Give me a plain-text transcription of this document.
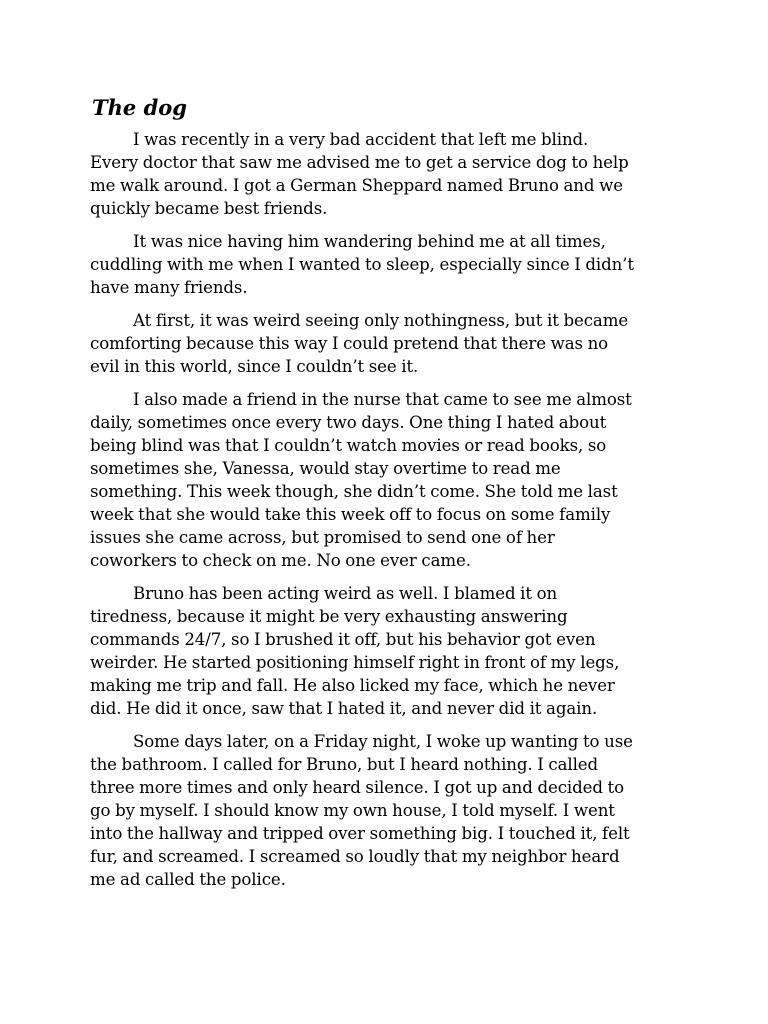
The dog

I was recently in a very bad accident that left me blind.
Every doctor that saw me advised me to get a service dog to help
me walk around. I got a German Sheppard named Bruno and we
quickly became best friends.

It was nice having him wandering behind me at all times,
cuddling with me when I wanted to sleep, especially since I didn’t
have many friends.

At first, it was weird seeing only nothingness, but it became
comforting because this way I could pretend that there was no
evil in this world, since I couldn’t see it.

I also made a friend in the nurse that came to see me almost
daily, sometimes once every two days. One thing I hated about
being blind was that I couldn’t watch movies or read books, so
sometimes she, Vanessa, would stay overtime to read me
something. This week though, she didn’t come. She told me last
week that she would take this week off to focus on some family
issues she came across, but promised to send one of her
coworkers to check on me. No one ever came.

Bruno has been acting weird as well. I blamed it on
tiredness, because it might be very exhausting answering
commands 24/7, so I brushed it off, but his behavior got even
weirder. He started positioning himself right in front of my legs,
making me trip and fall. He also licked my face, which he never
did. He did it once, saw that I hated it, and never did it again.

Some days later, on a Friday night, I woke up wanting to use
the bathroom. I called for Bruno, but I heard nothing. I called
three more times and only heard silence. I got up and decided to
go by myself. I should know my own house, I told myself. I went
into the hallway and tripped over something big. I touched it, felt
fur, and screamed. I screamed so loudly that my neighbor heard
me ad called the police.
